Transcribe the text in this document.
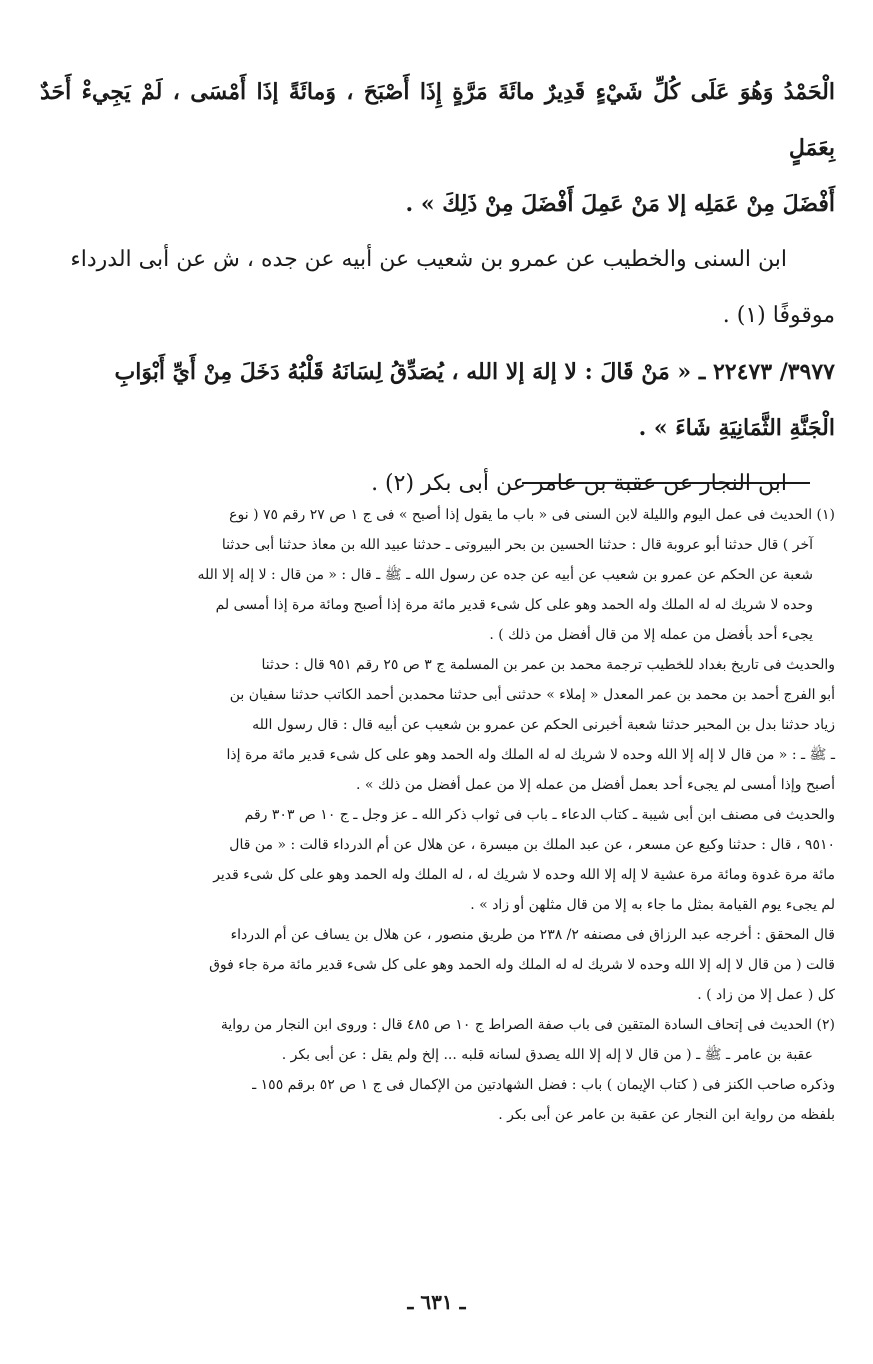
الْحَمْدُ وَهُوَ عَلَى كُلِّ شَيْءٍ قَدِيرٌ مائَةَ مَرَّةٍ إِذَا أَصْبَحَ ، وَمائَةً إذَا أَمْسَى ، لَمْ يَجِيءْ أَحَدٌ بِعَمَلٍ

أَفْضَلَ مِنْ عَمَلِه إلا مَنْ عَمِلَ أَفْضَلَ مِنْ ذَلِكَ » .

ابن السنى والخطيب عن عمرو بن شعيب عن أبيه عن جده ، ش عن أبى الدرداء

موقوفًا (١) .

٣٩٧٧/ ٢٢٤٧٣ ـ « مَنْ قَالَ : لا إلهَ إلا الله ، يُصَدِّقُ لِسَانَهُ قَلْبُهُ دَخَلَ مِنْ أَيِّ أَبْوَابِ

الْجَنَّةِ الثَّمَانِيَةِ شَاءَ » .

ابن النجار عن عقبة بن عامر عن أبى بكر (٢) .

(١) الحديث فى عمل اليوم والليلة لابن السنى فى « باب ما يقول إذا أصبح » فى ج ١ ص ٢٧ رقم ٧٥ ( نوع

آخر ) قال حدثنا أبو عروبة قال : حدثنا الحسين بن بحر البيروتى ـ حدثنا عبيد الله بن معاذ حدثنا أبى حدثنا

شعبة عن الحكم عن عمرو بن شعيب عن أبيه عن جده عن رسول الله ـ ﷺ ـ قال : « من قال : لا إله إلا الله

وحده لا شريك له له الملك وله الحمد وهو على كل شىء قدير مائة مرة إذا أصبح ومائة مرة إذا أمسى لم

يجىء أحد بأفضل من عمله إلا من قال أفضل من ذلك ) .

والحديث فى تاريخ بغداد للخطيب ترجمة محمد بن عمر بن المسلمة ج ٣ ص ٢٥ رقم ٩٥١ قال : حدثنا

أبو الفرج أحمد بن محمد بن عمر المعدل « إملاء » حدثنى أبى حدثنا محمدبن أحمد الكاتب حدثنا سفيان بن

زياد حدثنا بدل بن المحبر حدثنا شعبة أخبرنى الحكم عن عمرو بن شعيب عن أبيه قال : قال رسول الله

ـ ﷺ ـ : « من قال لا إله إلا الله وحده لا شريك له له الملك وله الحمد وهو على كل شىء قدير مائة مرة إذا

أصبح وإذا أمسى لم يجىء أحد بعمل أفضل من عمله إلا من عمل أفضل من ذلك » .

والحديث فى مصنف ابن أبى شيبة ـ كتاب الدعاء ـ باب فى ثواب ذكر الله ـ عز وجل ـ ج ١٠ ص ٣٠٣ رقم

٩٥١٠ ، قال : حدثنا وكيع عن مسعر ، عن عبد الملك بن ميسرة ، عن هلال عن أم الدرداء قالت : « من قال

مائة مرة غدوة ومائة مرة عشية لا إله إلا الله وحده لا شريك له ، له الملك وله الحمد وهو على كل شىء قدير

لم يجىء يوم القيامة بمثل ما جاء به إلا من قال مثلهن أو زاد » .

قال المحقق : أخرجه عبد الرزاق فى مصنفه ٢/ ٢٣٨ من طريق منصور ، عن هلال بن يساف عن أم الدرداء

قالت ( من قال لا إله إلا الله وحده لا شريك له له الملك وله الحمد وهو على كل شىء قدير مائة مرة جاء فوق

كل ( عمل إلا من زاد ) .

(٢) الحديث فى إتحاف السادة المتقين فى باب صفة الصراط ج ١٠ ص ٤٨٥ قال : وروى ابن النجار من رواية

عقبة بن عامر ـ ﷺ ـ ( من قال لا إله إلا الله يصدق لسانه قلبه ... إلخ ولم يقل : عن أبى بكر .

وذكره صاحب الكنز فى ( كتاب الإيمان ) باب : فضل الشهادتين من الإكمال فى ج ١ ص ٥٢ برقم ١٥٥ ـ

بلفظه من رواية ابن النجار عن عقبة بن عامر عن أبى بكر .

ـ ٦٣١ ـ
